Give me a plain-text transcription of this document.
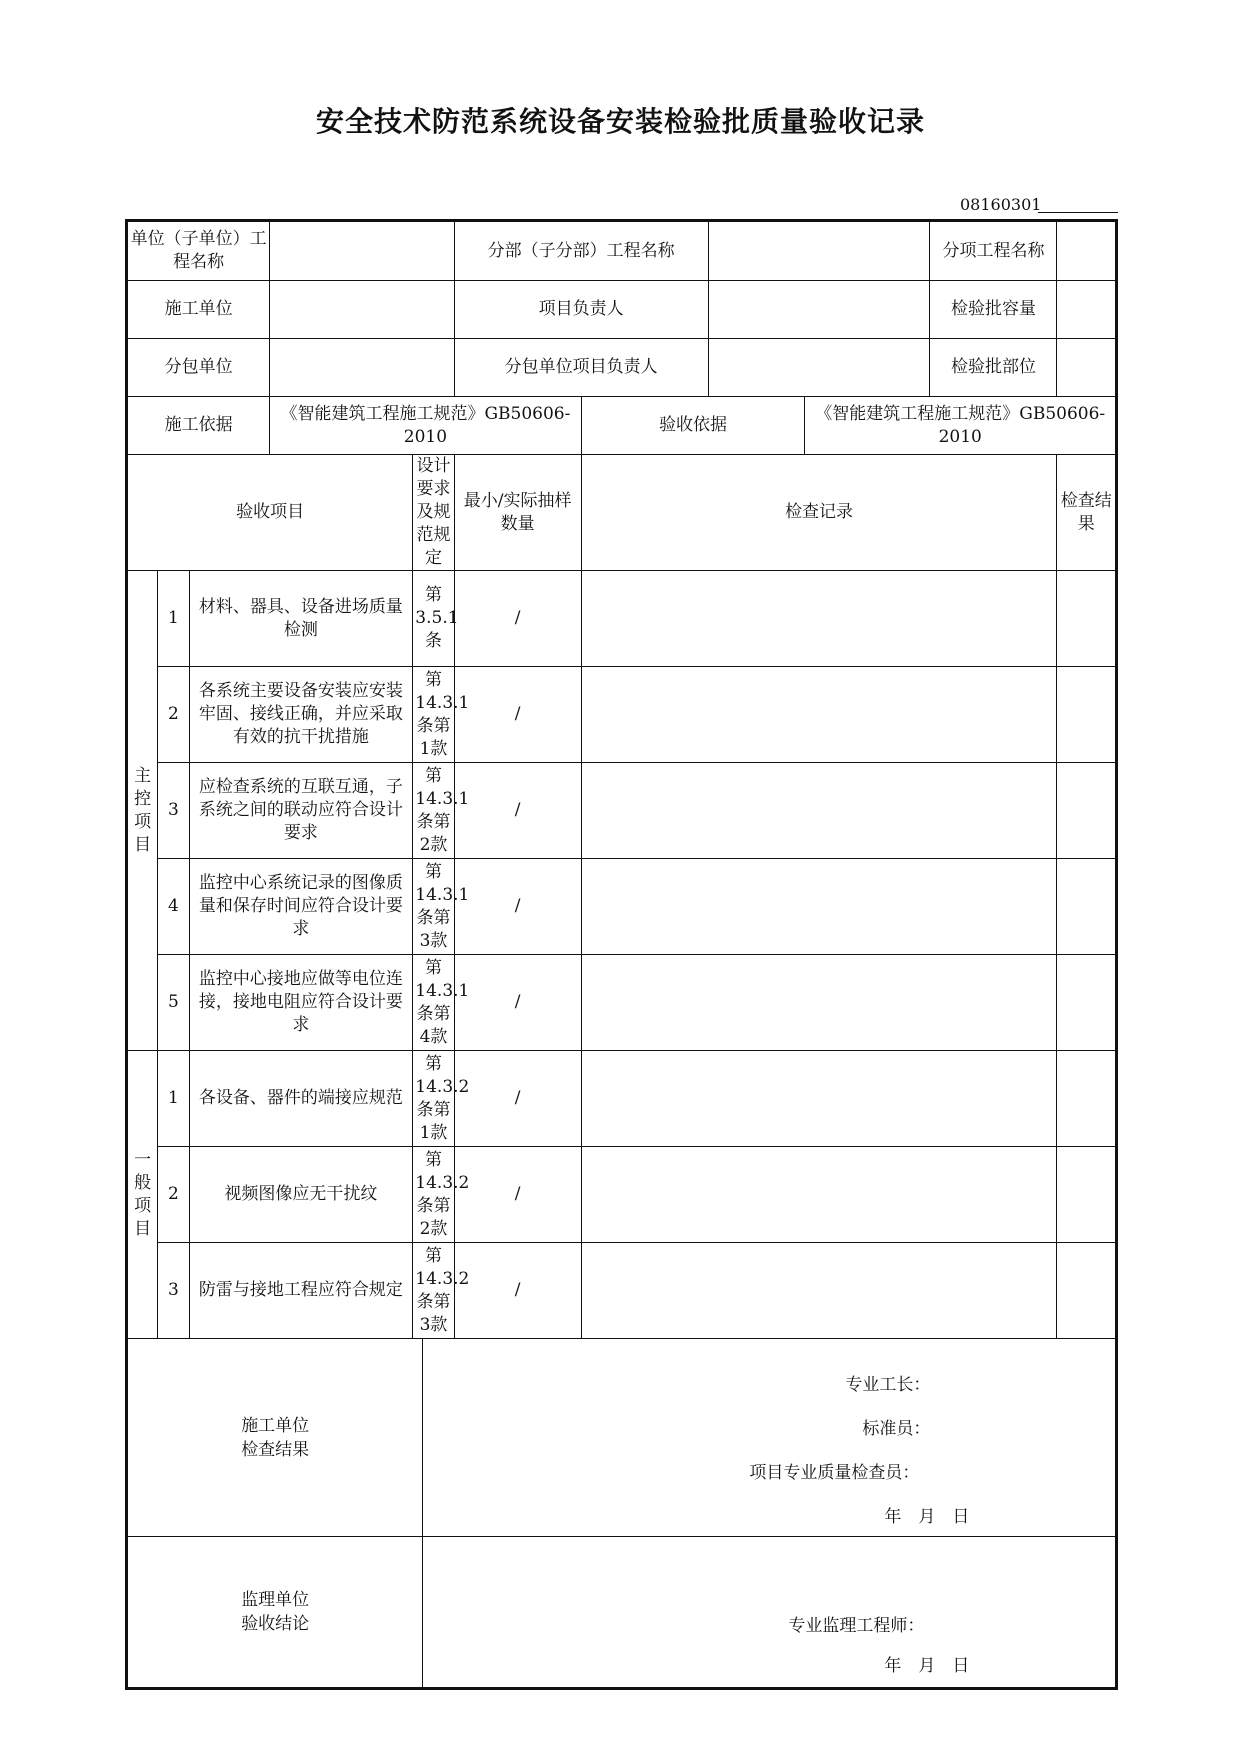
安全技术防范系统设备安装检验批质量验收记录
08160301
单位（子单位）工程名称						分部（子分部）工程名称				分项工程名称	
施工单位						项目负责人				检验批容量	
分包单位						分包单位项目负责人				检验批部位	
施工依据			《智能建筑工程施工规范》GB50606-2010				验收依据		《智能建筑工程施工规范》GB50606-2010		
验收项目				设计要求及规范规定		最小/实际抽样数量	检查记录				检查结果
主控项目	1	材料、器具、设备进场质量检测		第3.5.1条		/					
	2	各系统主要设备安装应安装牢固、接线正确，并应采取有效的抗干扰措施		第14.3.1条第1款		/					
	3	应检查系统的互联互通，子系统之间的联动应符合设计要求		第14.3.1条第2款		/					
	4	监控中心系统记录的图像质量和保存时间应符合设计要求		第14.3.1条第3款		/					
	5	监控中心接地应做等电位连接，接地电阻应符合设计要求		第14.3.1条第4款		/					
一般项目	1	各设备、器件的端接应规范		第14.3.2条第1款		/					
	2	视频图像应无干扰纹		第14.3.2条第2款		/					
	3	防雷与接地工程应符合规定		第14.3.2条第3款		/					

施工单位检查结果					专业工长：
标准员：
项目专业质量检查员：
年　月　日						

监理单位验收结论					专业监理工程师：
年　月　日						
